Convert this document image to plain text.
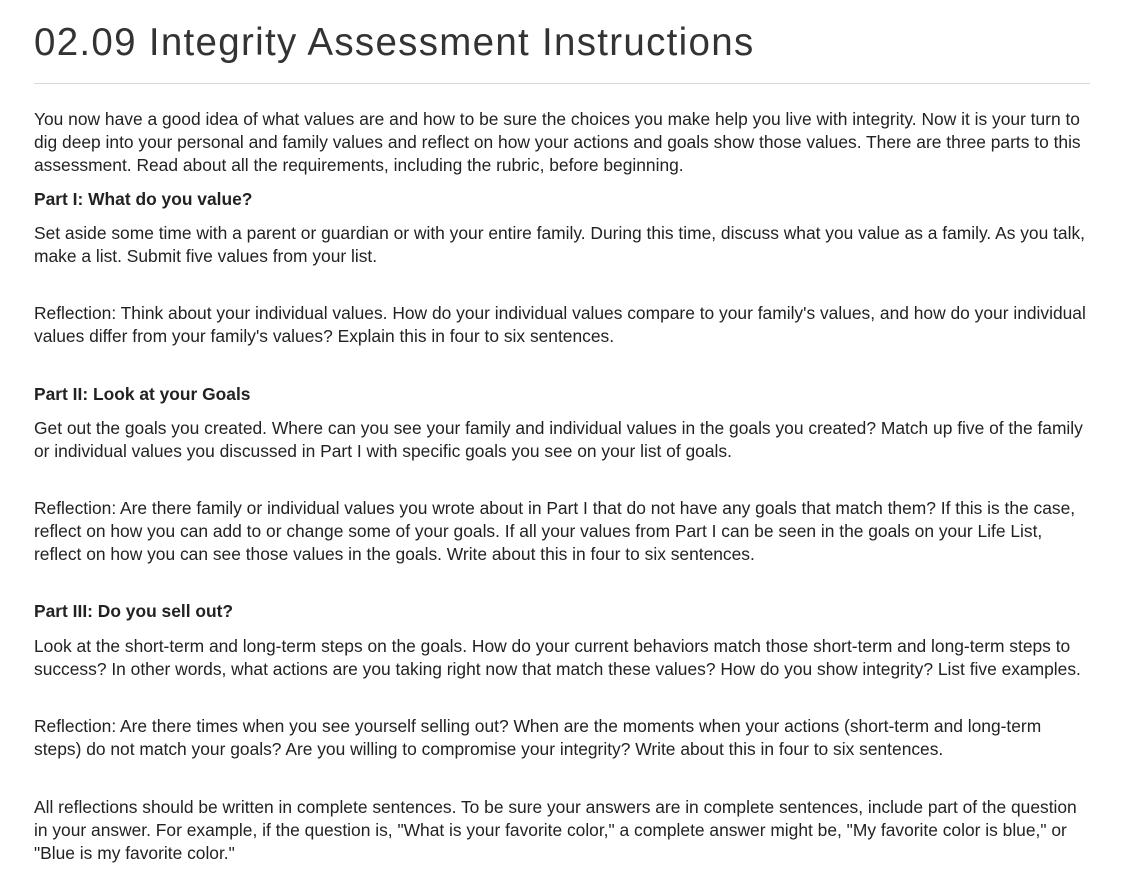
02.09 Integrity Assessment Instructions

You now have a good idea of what values are and how to be sure the choices you make help you live with integrity. Now it is your turn to dig deep into your personal and family values and reflect on how your actions and goals show those values. There are three parts to this assessment. Read about all the requirements, including the rubric, before beginning.

Part I: What do you value?

Set aside some time with a parent or guardian or with your entire family. During this time, discuss what you value as a family. As you talk, make a list. Submit five values from your list.

Reflection: Think about your individual values. How do your individual values compare to your family's values, and how do your individual values differ from your family's values? Explain this in four to six sentences.

Part II: Look at your Goals

Get out the goals you created. Where can you see your family and individual values in the goals you created? Match up five of the family or individual values you discussed in Part I with specific goals you see on your list of goals.

Reflection: Are there family or individual values you wrote about in Part I that do not have any goals that match them? If this is the case, reflect on how you can add to or change some of your goals. If all your values from Part I can be seen in the goals on your Life List, reflect on how you can see those values in the goals. Write about this in four to six sentences.

Part III: Do you sell out?

Look at the short-term and long-term steps on the goals. How do your current behaviors match those short-term and long-term steps to success? In other words, what actions are you taking right now that match these values? How do you show integrity? List five examples.

Reflection: Are there times when you see yourself selling out? When are the moments when your actions (short-term and long-term steps) do not match your goals? Are you willing to compromise your integrity? Write about this in four to six sentences.

All reflections should be written in complete sentences. To be sure your answers are in complete sentences, include part of the question in your answer. For example, if the question is, "What is your favorite color," a complete answer might be, "My favorite color is blue," or "Blue is my favorite color."
